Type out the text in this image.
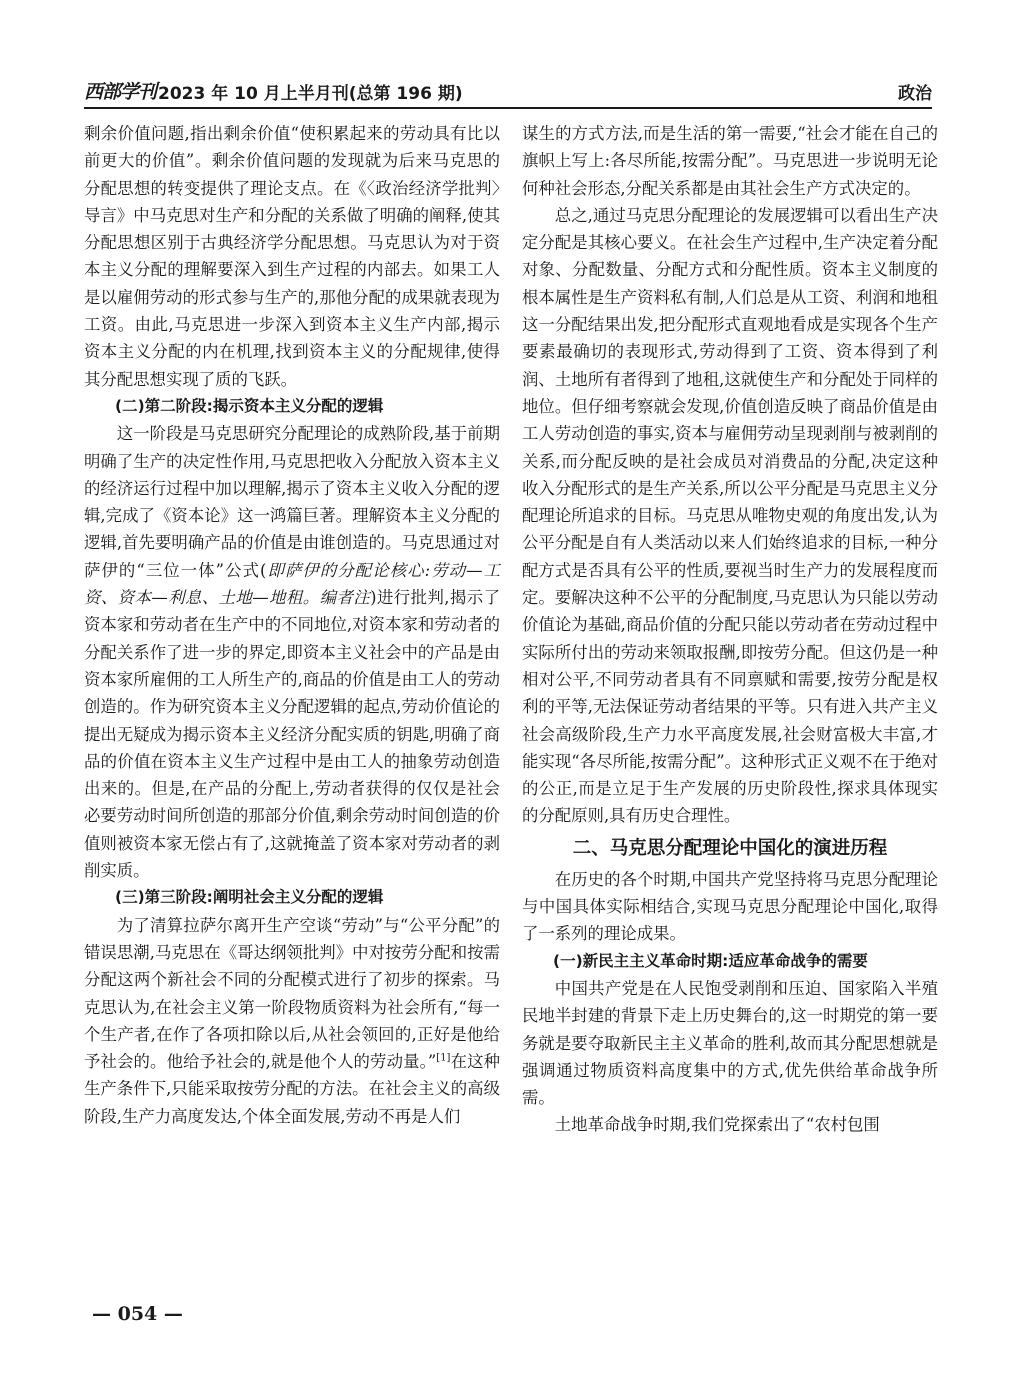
西部学刊 2023 年 10 月上半月刊(总第 196 期)	政治

剩余价值问题,指出剩余价值“使积累起来的劳动具有比以前更大的价值”。剩余价值问题的发现就为后来马克思的分配思想的转变提供了理论支点。在《〈政治经济学批判〉导言》中马克思对生产和分配的关系做了明确的阐释,使其分配思想区别于古典经济学分配思想。马克思认为对于资本主义分配的理解要深入到生产过程的内部去。如果工人是以雇佣劳动的形式参与生产的,那他分配的成果就表现为工资。由此,马克思进一步深入到资本主义生产内部,揭示资本主义分配的内在机理,找到资本主义的分配规律,使得其分配思想实现了质的飞跃。

(二)第二阶段:揭示资本主义分配的逻辑

这一阶段是马克思研究分配理论的成熟阶段,基于前期明确了生产的决定性作用,马克思把收入分配放入资本主义的经济运行过程中加以理解,揭示了资本主义收入分配的逻辑,完成了《资本论》这一鸿篇巨著。理解资本主义分配的逻辑,首先要明确产品的价值是由谁创造的。马克思通过对萨伊的“三位一体”公式(即萨伊的分配论核心:劳动—工资、资本—利息、土地—地租。编者注)进行批判,揭示了资本家和劳动者在生产中的不同地位,对资本家和劳动者的分配关系作了进一步的界定,即资本主义社会中的产品是由资本家所雇佣的工人所生产的,商品的价值是由工人的劳动创造的。作为研究资本主义分配逻辑的起点,劳动价值论的提出无疑成为揭示资本主义经济分配实质的钥匙,明确了商品的价值在资本主义生产过程中是由工人的抽象劳动创造出来的。但是,在产品的分配上,劳动者获得的仅仅是社会必要劳动时间所创造的那部分价值,剩余劳动时间创造的价值则被资本家无偿占有了,这就掩盖了资本家对劳动者的剥削实质。

(三)第三阶段:阐明社会主义分配的逻辑

为了清算拉萨尔离开生产空谈“劳动”与“公平分配”的错误思潮,马克思在《哥达纲领批判》中对按劳分配和按需分配这两个新社会不同的分配模式进行了初步的探索。马克思认为,在社会主义第一阶段物质资料为社会所有,“每一个生产者,在作了各项扣除以后,从社会领回的,正好是他给予社会的。他给予社会的,就是他个人的劳动量。”[1]在这种生产条件下,只能采取按劳分配的方法。在社会主义的高级阶段,生产力高度发达,个体全面发展,劳动不再是人们

谋生的方式方法,而是生活的第一需要,“社会才能在自己的旗帜上写上:各尽所能,按需分配”。马克思进一步说明无论何种社会形态,分配关系都是由其社会生产方式决定的。

总之,通过马克思分配理论的发展逻辑可以看出生产决定分配是其核心要义。在社会生产过程中,生产决定着分配对象、分配数量、分配方式和分配性质。资本主义制度的根本属性是生产资料私有制,人们总是从工资、利润和地租这一分配结果出发,把分配形式直观地看成是实现各个生产要素最确切的表现形式,劳动得到了工资、资本得到了利润、土地所有者得到了地租,这就使生产和分配处于同样的地位。但仔细考察就会发现,价值创造反映了商品价值是由工人劳动创造的事实,资本与雇佣劳动呈现剥削与被剥削的关系,而分配反映的是社会成员对消费品的分配,决定这种收入分配形式的是生产关系,所以公平分配是马克思主义分配理论所追求的目标。马克思从唯物史观的角度出发,认为公平分配是自有人类活动以来人们始终追求的目标,一种分配方式是否具有公平的性质,要视当时生产力的发展程度而定。要解决这种不公平的分配制度,马克思认为只能以劳动价值论为基础,商品价值的分配只能以劳动者在劳动过程中实际所付出的劳动来领取报酬,即按劳分配。但这仍是一种相对公平,不同劳动者具有不同禀赋和需要,按劳分配是权利的平等,无法保证劳动者结果的平等。只有进入共产主义社会高级阶段,生产力水平高度发展,社会财富极大丰富,才能实现“各尽所能,按需分配”。这种形式正义观不在于绝对的公正,而是立足于生产发展的历史阶段性,探求具体现实的分配原则,具有历史合理性。

二、马克思分配理论中国化的演进历程

在历史的各个时期,中国共产党坚持将马克思分配理论与中国具体实际相结合,实现马克思分配理论中国化,取得了一系列的理论成果。

(一)新民主主义革命时期:适应革命战争的需要

中国共产党是在人民饱受剥削和压迫、国家陷入半殖民地半封建的背景下走上历史舞台的,这一时期党的第一要务就是要夺取新民主主义革命的胜利,故而其分配思想就是强调通过物质资料高度集中的方式,优先供给革命战争所需。

土地革命战争时期,我们党探索出了“农村包围

— 054 —
